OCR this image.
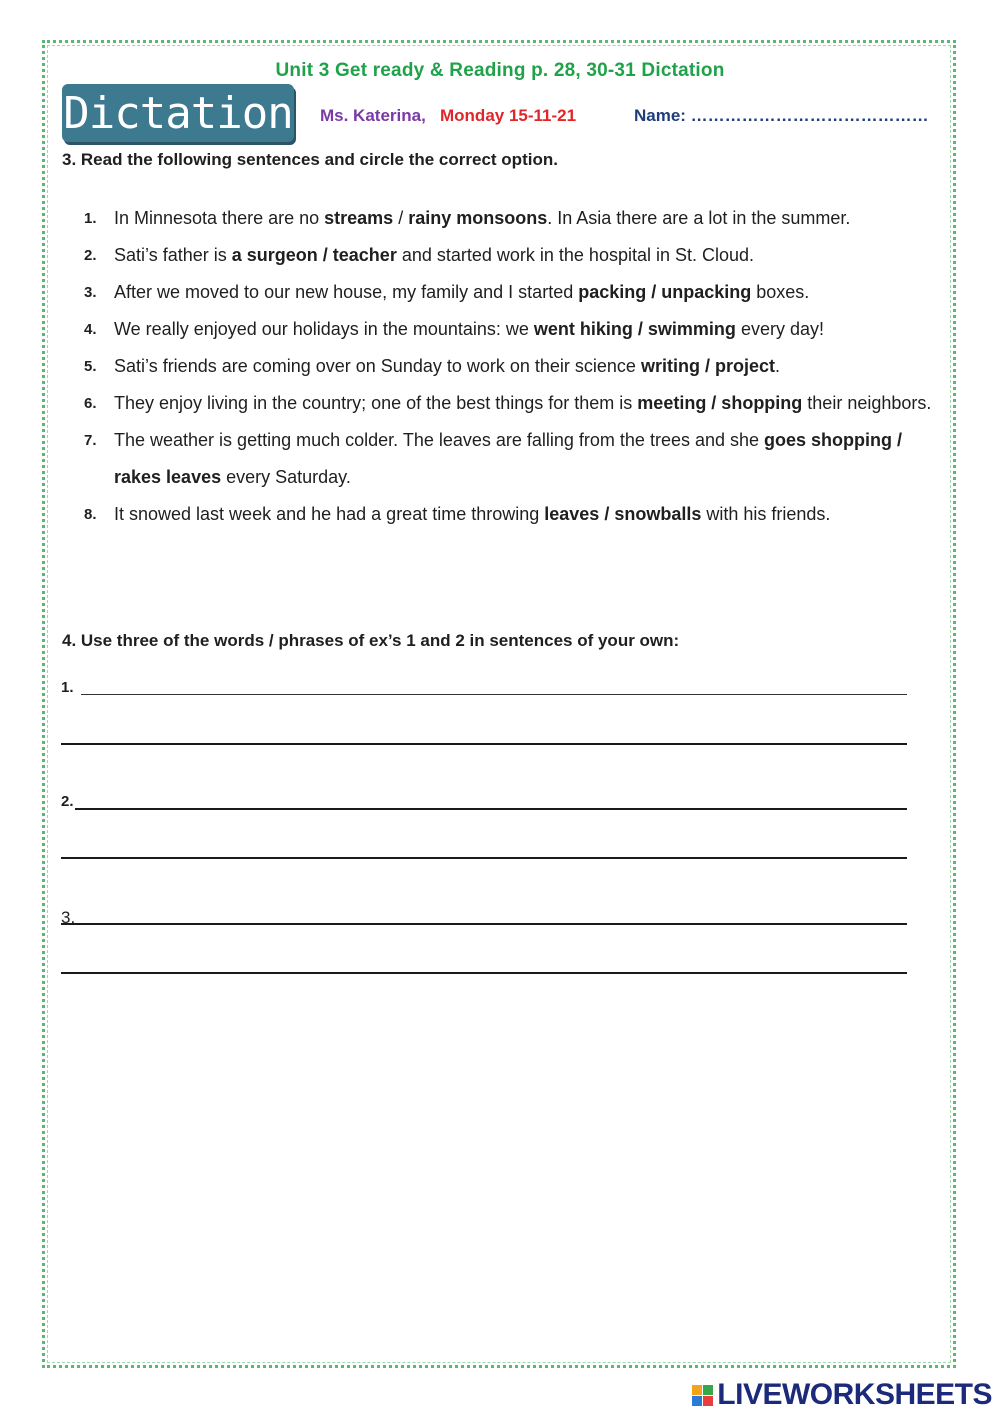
Unit 3 Get ready & Reading p. 28, 30-31 Dictation
Dictation Ms. Katerina, Monday 15-11-21	Name: ……………………………………
3. Read the following sentences and circle the correct option.
1. In Minnesota there are no streams / rainy monsoons. In Asia there are a lot in the summer.
2. Sati’s father is a surgeon / teacher and started work in the hospital in St. Cloud.
3. After we moved to our new house, my family and I started packing / unpacking boxes.
4. We really enjoyed our holidays in the mountains: we went hiking / swimming every day!
5. Sati’s friends are coming over on Sunday to work on their science writing / project.
6. They enjoy living in the country; one of the best things for them is meeting / shopping their neighbors.
7. The weather is getting much colder. The leaves are falling from the trees and she goes shopping / rakes leaves every Saturday.
8. It snowed last week and he had a great time throwing leaves / snowballs with his friends.
4. Use three of the words / phrases of ex’s 1 and 2 in sentences of your own:
1.
2.
3.
LIVEWORKSHEETS
